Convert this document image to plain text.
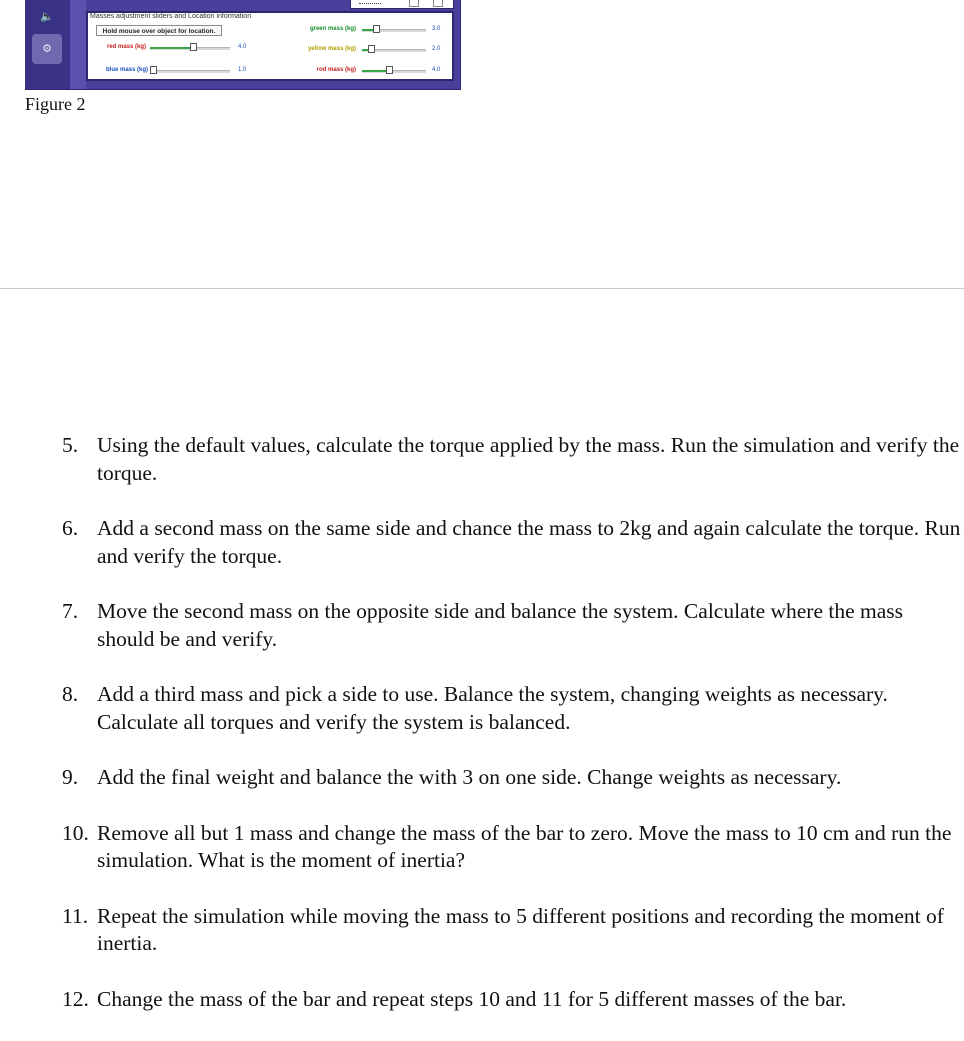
🔈
⚙
Masses adjustment sliders and Location information
Hold mouse over object for location.
red mass (kg)	4.0
blue mass (kg)	1.0
green mass (kg)	3.0
yellow mass (kg)	2.0
rod mass (kg)	4.0
Figure 2
5. Using the default values, calculate the torque applied by the mass. Run the simulation and verify the torque.
6. Add a second mass on the same side and chance the mass to 2kg and again calculate the torque. Run and verify the torque.
7. Move the second mass on the opposite side and balance the system. Calculate where the mass should be and verify.
8. Add a third mass and pick a side to use. Balance the system, changing weights as necessary. Calculate all torques and verify the system is balanced.
9. Add the final weight and balance the with 3 on one side. Change weights as necessary.
10. Remove all but 1 mass and change the mass of the bar to zero. Move the mass to 10 cm and run the simulation. What is the moment of inertia?
11. Repeat the simulation while moving the mass to 5 different positions and recording the moment of inertia.
12. Change the mass of the bar and repeat steps 10 and 11 for 5 different masses of the bar.
